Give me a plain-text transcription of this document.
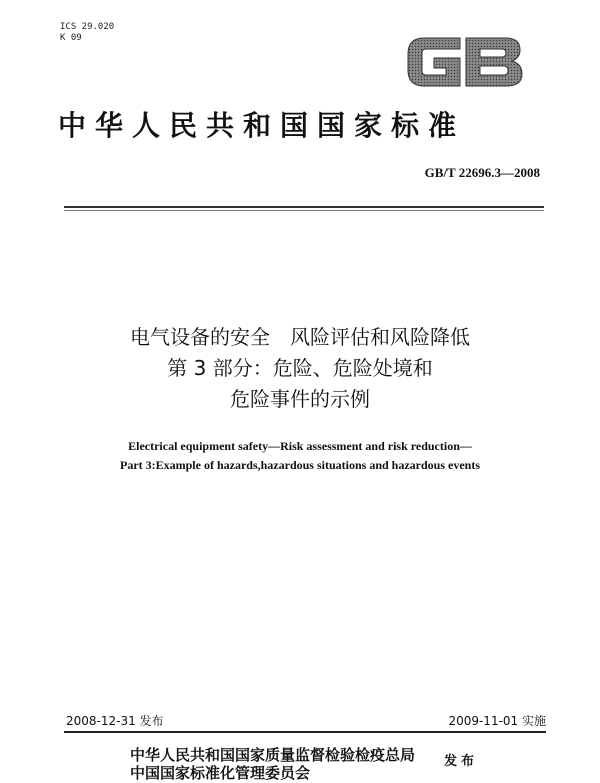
ICS 29.020
K 09
中华人民共和国国家标准
GB/T 22696.3—2008
电气设备的安全　风险评估和风险降低
第 3 部分：危险、危险处境和
危险事件的示例
Electrical equipment safety—Risk assessment and risk reduction—
Part 3:Example of hazards,hazardous situations and hazardous events
2008-12-31 发布	2009-11-01 实施
中华人民共和国国家质量监督检验检疫总局
中国国家标准化管理委员会
发布
